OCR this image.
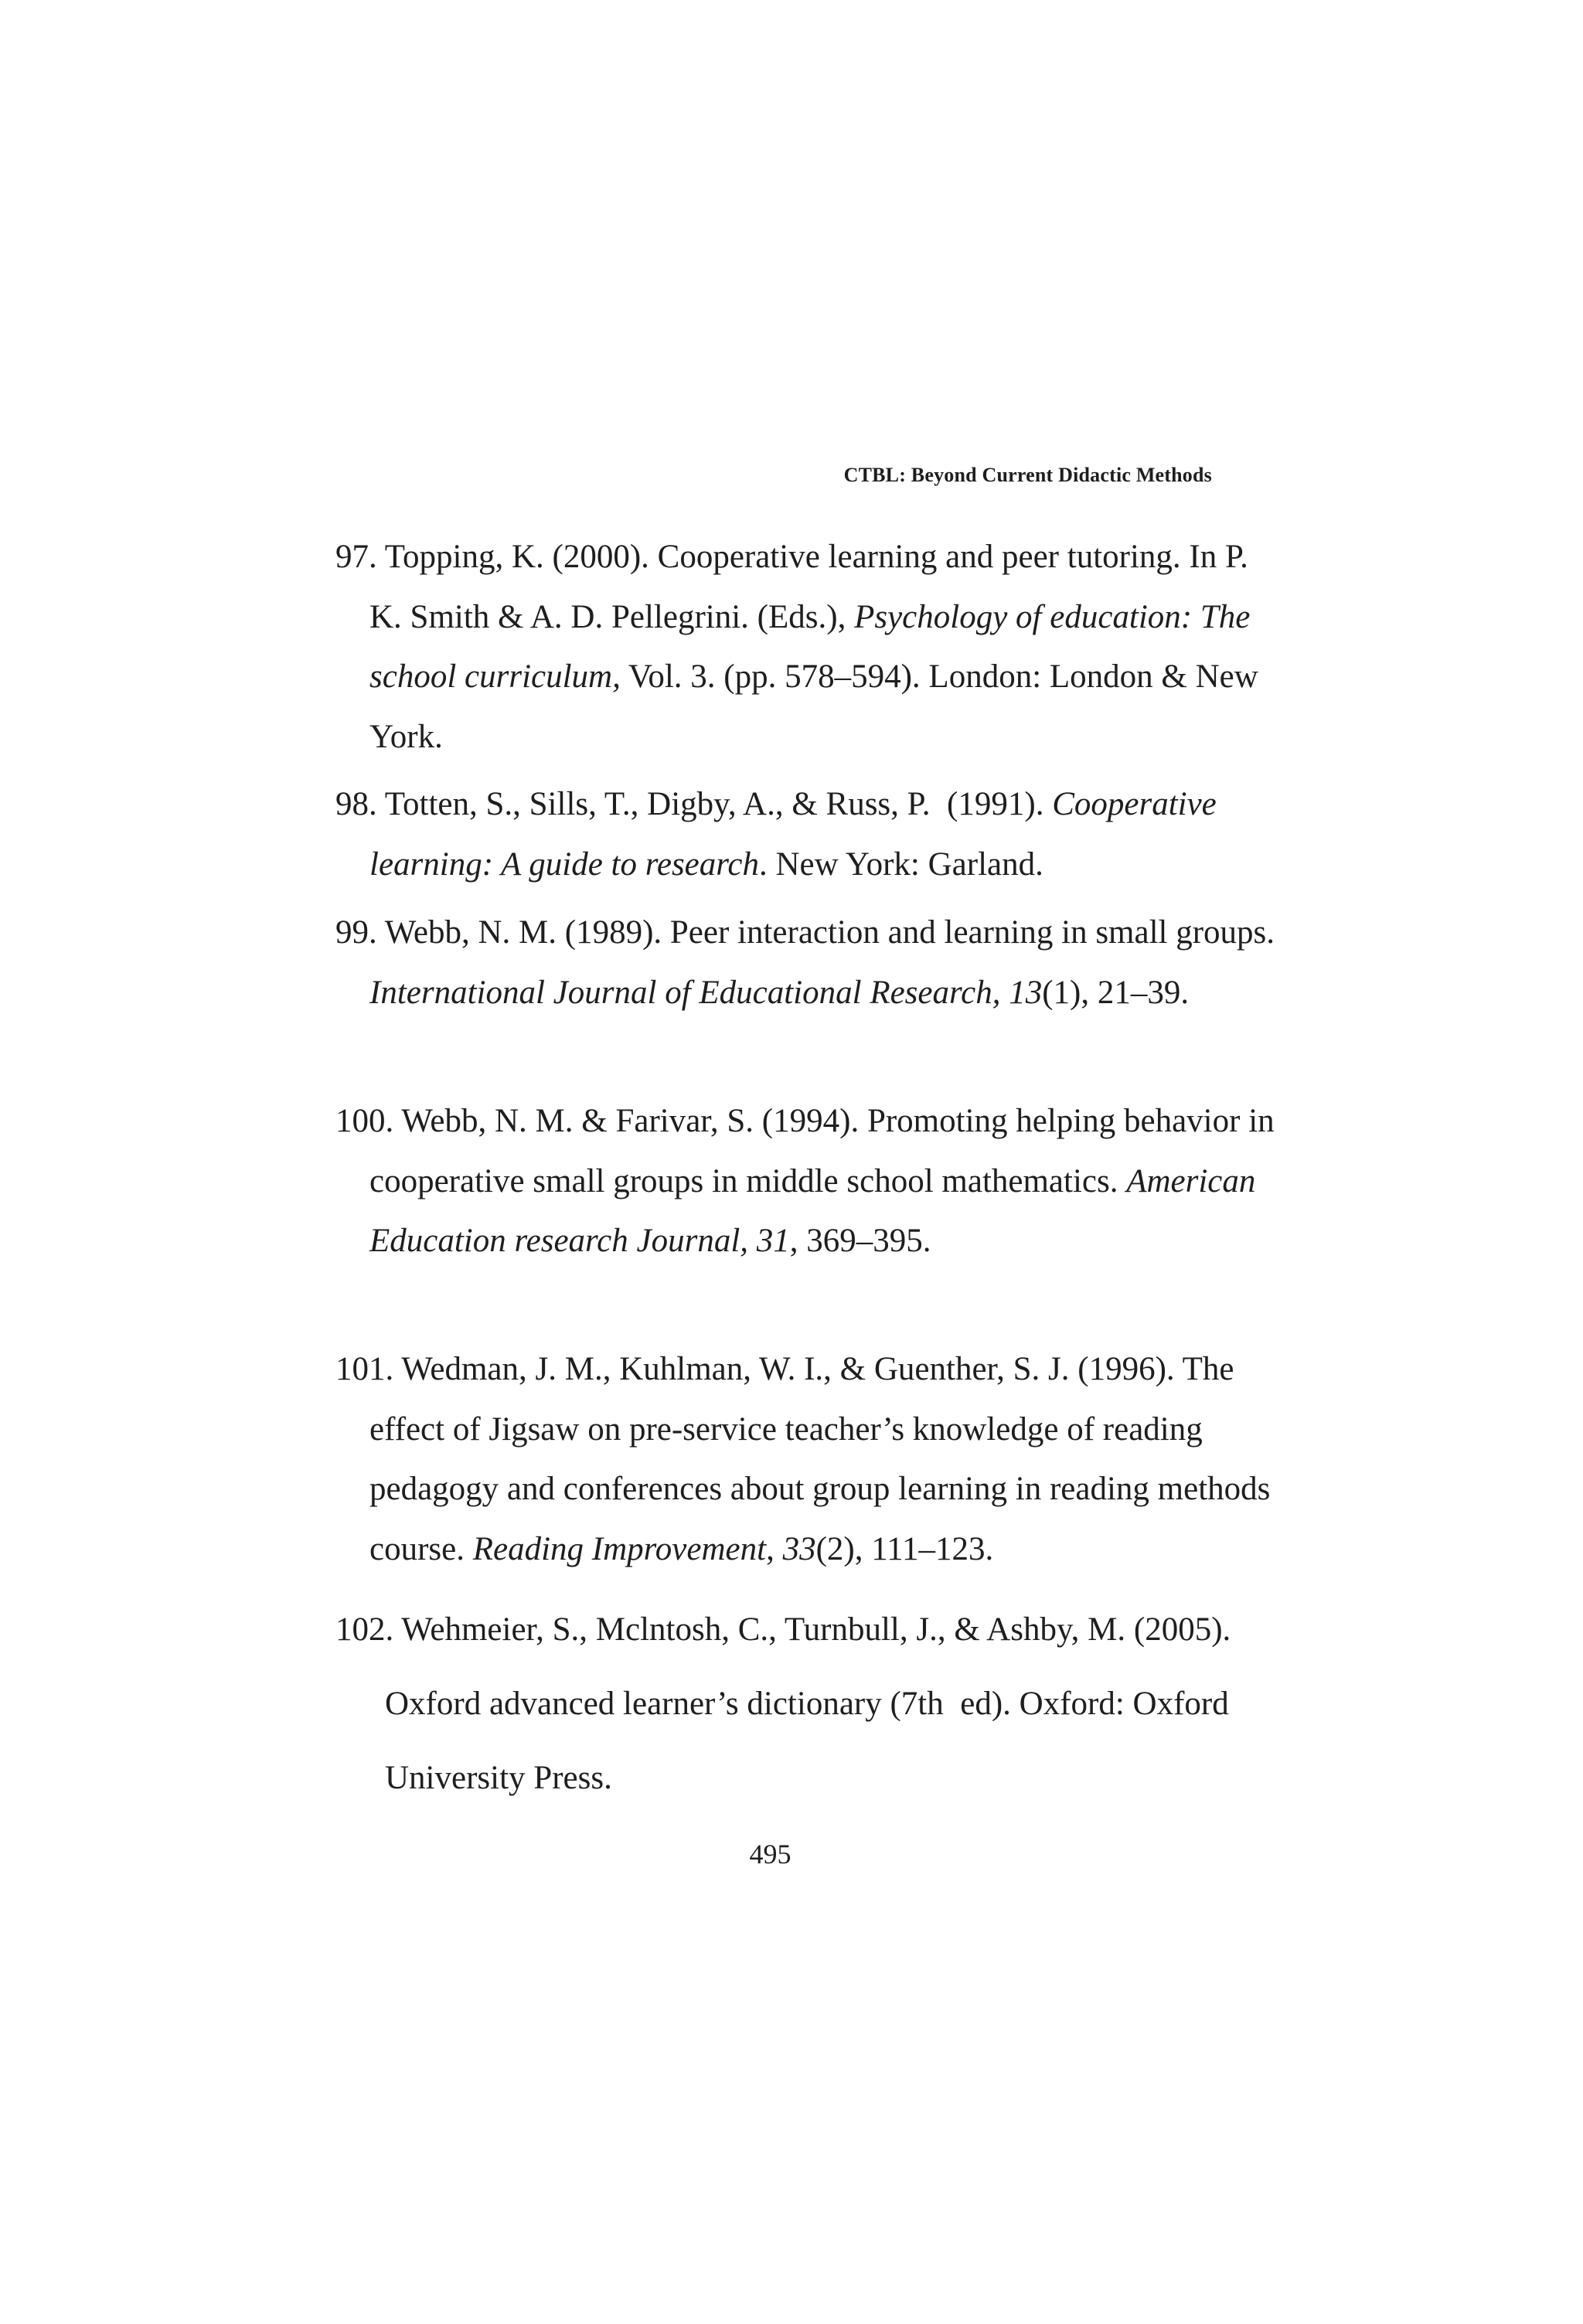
CTBL: Beyond Current Didactic Methods
97. Topping, K. (2000). Cooperative learning and peer tutoring. In P. K. Smith & A. D. Pellegrini. (Eds.), Psychology of education: The school curriculum, Vol. 3. (pp. 578–594). London: London & New York.
98. Totten, S., Sills, T., Digby, A., & Russ, P.  (1991). Cooperative learning: A guide to research. New York: Garland.
99. Webb, N. M. (1989). Peer interaction and learning in small groups. International Journal of Educational Research, 13(1), 21–39.
100. Webb, N. M. & Farivar, S. (1994). Promoting helping behavior in cooperative small groups in middle school mathematics. American Education research Journal, 31, 369–395.
101. Wedman, J. M., Kuhlman, W. I., & Guenther, S. J. (1996). The effect of Jigsaw on pre-service teacher’s knowledge of reading pedagogy and conferences about group learning in reading methods course. Reading Improvement, 33(2), 111–123.
102. Wehmeier, S., Mclntosh, C., Turnbull, J., & Ashby, M. (2005). Oxford advanced learner’s dictionary (7th  ed). Oxford: Oxford University Press.
495
